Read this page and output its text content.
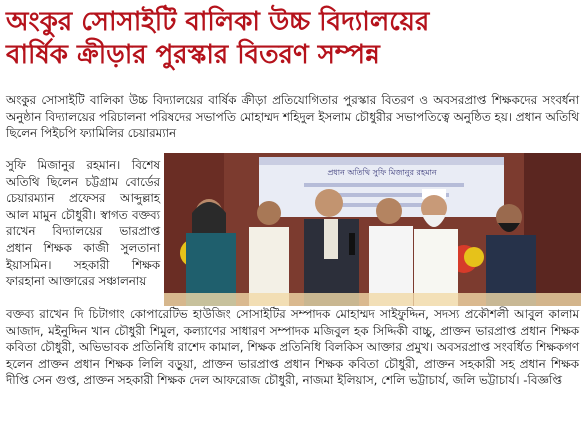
অংকুর সোসাইটি বালিকা উচ্চ বিদ্যালয়ের
বার্ষিক ক্রীড়ার পুরস্কার বিতরণ সম্পন্ন
অংকুর সোসাইটি বালিকা উচ্চ বিদ্যালয়ের বার্ষিক ক্রীড়া প্রতিযোগিতার পুরস্কার বিতরণ ও অবসরপ্রাপ্ত শিক্ষকদের সংবর্ধনা অনুষ্ঠান বিদ্যালয়ের পরিচালনা পরিষদের সভাপতি মোহাম্মদ শহিদুল ইসলাম চৌধুরীর সভাপতিত্বে অনুষ্ঠিত হয়। প্রধান অতিথি ছিলেন পিইচপি ফ্যামিলির চেয়ারম্যান
সুফি মিজানুর রহমান। বিশেষ অতিথি ছিলেন চট্টগ্রাম বোর্ডের চেয়ারম্যান প্রফেসর আব্দুল্লাহ আল মামুন চৌধুরী। স্বাগত বক্তব্য রাখেন বিদ্যালয়ের ভারপ্রাপ্ত প্রধান শিক্ষক কাজী সুলতানা ইয়াসমিন। সহকারী শিক্ষক ফারহানা আক্তারের সঞ্চালনায়
প্রধান অতিথি সুফি মিজানুর রহমান
বক্তব্য রাখেন দি চিটাগাং কোপারেটিভ হাউজিং সোসাইটির সম্পাদক মোহাম্মদ সাইফুদ্দিন, সদস্য প্রকৌশলী আবুল কালাম আজাদ, মইনুদ্দিন খান চৌধুরী শিমুল, কল্যাণের সাধারণ সম্পাদক মজিবুল হক সিদ্দিকী বাচ্চু, প্রাক্তন ভারপ্রাপ্ত প্রধান শিক্ষক কবিতা চৌধুরী, অভিভাবক প্রতিনিধি রাশেদ কামাল, শিক্ষক প্রতিনিধি বিলকিস আক্তার প্রমুখ। অবসরপ্রাপ্ত সংবর্ধিত শিক্ষকগণ হলেন প্রাক্তন প্রধান শিক্ষক লিলি বড়ুয়া, প্রাক্তন ভারপ্রাপ্ত প্রধান শিক্ষক কবিতা চৌধুরী, প্রাক্তন সহকারী সহ প্রধান শিক্ষক দীপ্তি সেন গুপ্ত, প্রাক্তন সহকারী শিক্ষক দেল আফরোজ চৌধুরী, নাজমা ইলিয়াস, শেলি ভট্টাচার্য, জলি ভট্টাচার্য। -বিজ্ঞপ্তি
